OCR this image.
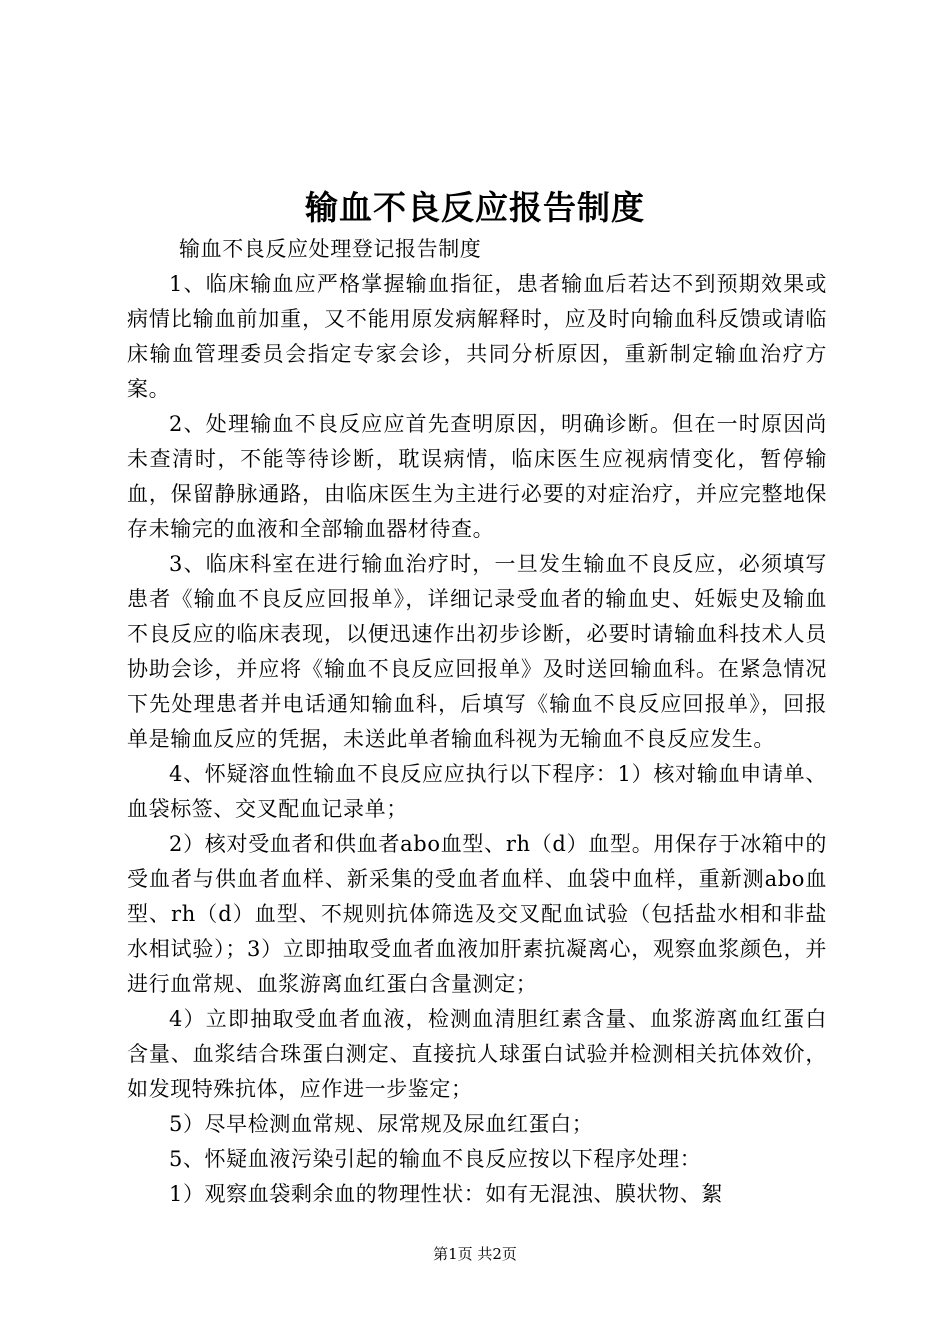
输血不良反应报告制度

输血不良反应处理登记报告制度

1、临床输血应严格掌握输血指征，患者输血后若达不到预期效果或病情比输血前加重，又不能用原发病解释时，应及时向输血科反馈或请临床输血管理委员会指定专家会诊，共同分析原因，重新制定输血治疗方案。

2、处理输血不良反应应首先查明原因，明确诊断。但在一时原因尚未查清时，不能等待诊断，耽误病情，临床医生应视病情变化，暂停输血，保留静脉通路，由临床医生为主进行必要的对症治疗，并应完整地保存未输完的血液和全部输血器材待查。

3、临床科室在进行输血治疗时，一旦发生输血不良反应，必须填写患者《输血不良反应回报单》，详细记录受血者的输血史、妊娠史及输血不良反应的临床表现，以便迅速作出初步诊断，必要时请输血科技术人员协助会诊，并应将《输血不良反应回报单》及时送回输血科。在紧急情况下先处理患者并电话通知输血科，后填写《输血不良反应回报单》，回报单是输血反应的凭据，未送此单者输血科视为无输血不良反应发生。

4、怀疑溶血性输血不良反应应执行以下程序：1）核对输血申请单、血袋标签、交叉配血记录单；

2）核对受血者和供血者abo血型、rh（d）血型。用保存于冰箱中的受血者与供血者血样、新采集的受血者血样、血袋中血样，重新测abo血型、rh（d）血型、不规则抗体筛选及交叉配血试验（包括盐水相和非盐水相试验）；3）立即抽取受血者血液加肝素抗凝离心，观察血浆颜色，并进行血常规、血浆游离血红蛋白含量测定；

4）立即抽取受血者血液，检测血清胆红素含量、血浆游离血红蛋白含量、血浆结合珠蛋白测定、直接抗人球蛋白试验并检测相关抗体效价，如发现特殊抗体，应作进一步鉴定；

5）尽早检测血常规、尿常规及尿血红蛋白；

5、怀疑血液污染引起的输血不良反应按以下程序处理：

1）观察血袋剩余血的物理性状：如有无混浊、膜状物、絮

第1页 共2页
